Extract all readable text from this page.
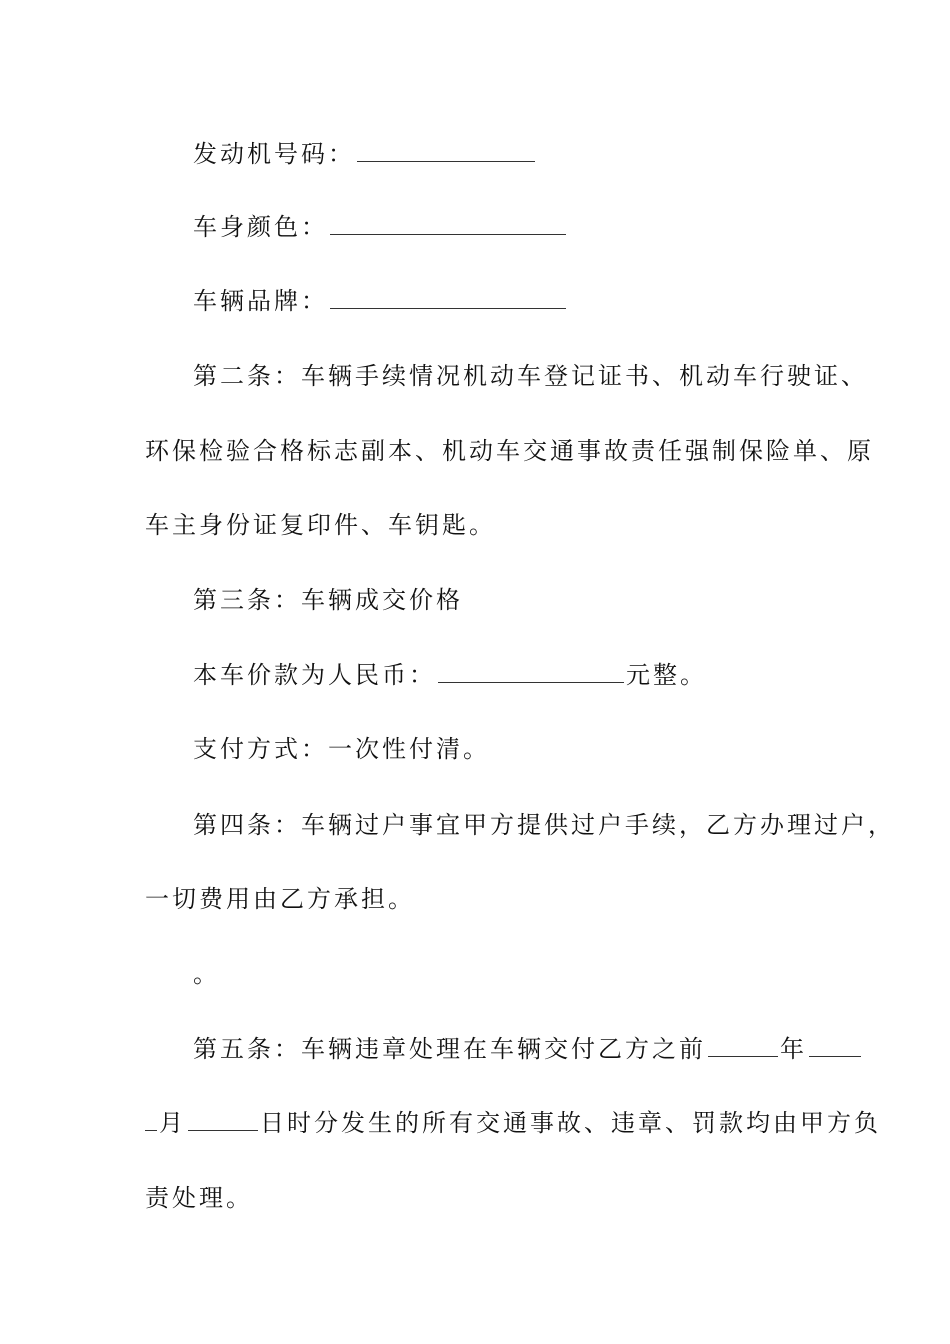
发动机号码：
车身颜色：
车辆品牌：
第二条：车辆手续情况机动车登记证书、机动车行驶证、
环保检验合格标志副本、机动车交通事故责任强制保险单、原
车主身份证复印件、车钥匙。
第三条：车辆成交价格
本车价款为人民币：	元整。
支付方式：一次性付清。
第四条：车辆过户事宜甲方提供过户手续，乙方办理过户，
一切费用由乙方承担。
。
第五条：车辆违章处理在车辆交付乙方之前	年
月	日时分发生的所有交通事故、违章、罚款均由甲方负
责处理。
